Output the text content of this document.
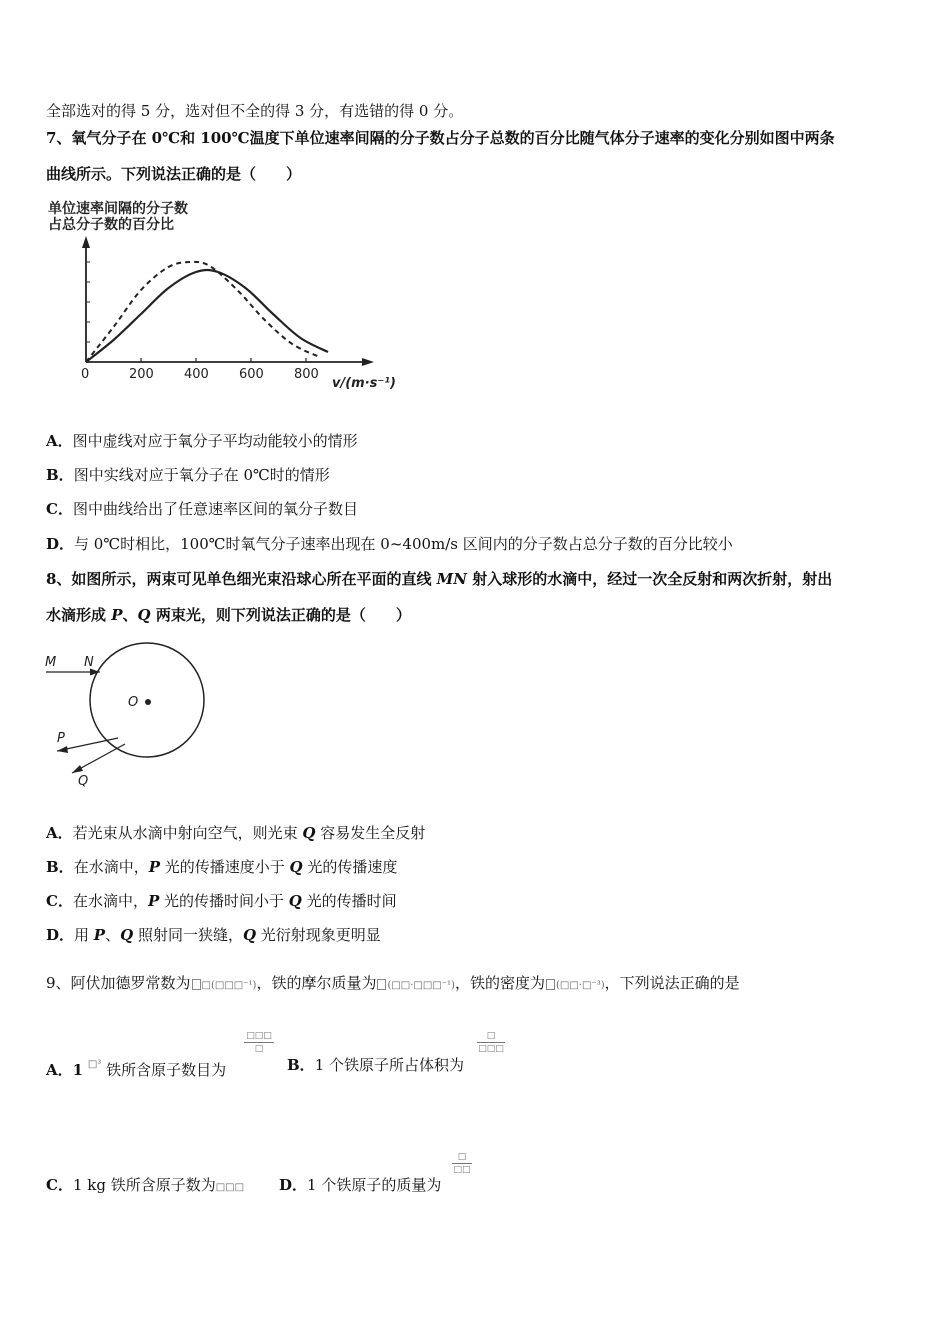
全部选对的得 5 分，选对但不全的得 3 分，有选错的得 0 分。
7、氧气分子在 0℃和 100℃温度下单位速率间隔的分子数占分子总数的百分比随气体分子速率的变化分别如图中两条
曲线所示。下列说法正确的是（　　）
单位速率间隔的分子数
占总分子数的百分比
200 400 600 800
0
v/(m·s⁻¹)
A．图中虚线对应于氧分子平均动能较小的情形
B．图中实线对应于氧分子在 0℃时的情形
C．图中曲线给出了任意速率区间的氧分子数目
D．与 0℃时相比，100℃时氧气分子速率出现在 0~400m/s 区间内的分子数占总分子数的百分比较小
8、如图所示，两束可见单色细光束沿球心所在平面的直线 MN 射入球形的水滴中，经过一次全反射和两次折射，射出
水滴形成 P、Q 两束光，则下列说法正确的是（　　）
M N
O
P
Q
A．若光束从水滴中射向空气，则光束 Q 容易发生全反射
B．在水滴中，P 光的传播速度小于 Q 光的传播速度
C．在水滴中，P 光的传播时间小于 Q 光的传播时间
D．用 P、Q 照射同一狭缝，Q 光衍射现象更明显
9、阿伏加德罗常数为 □(□□□⁻¹)，铁的摩尔质量为 (□□·□□□⁻¹)，铁的密度为 (□□·□⁻³)，下列说法正确的是
A．1 $^{□^3}$ 铁所含原子数目为
□□□
□
B．1 个铁原子所占体积为
□
□□□
C．1 kg 铁所含原子数为□□□ D．1 个铁原子的质量为
□
□□
